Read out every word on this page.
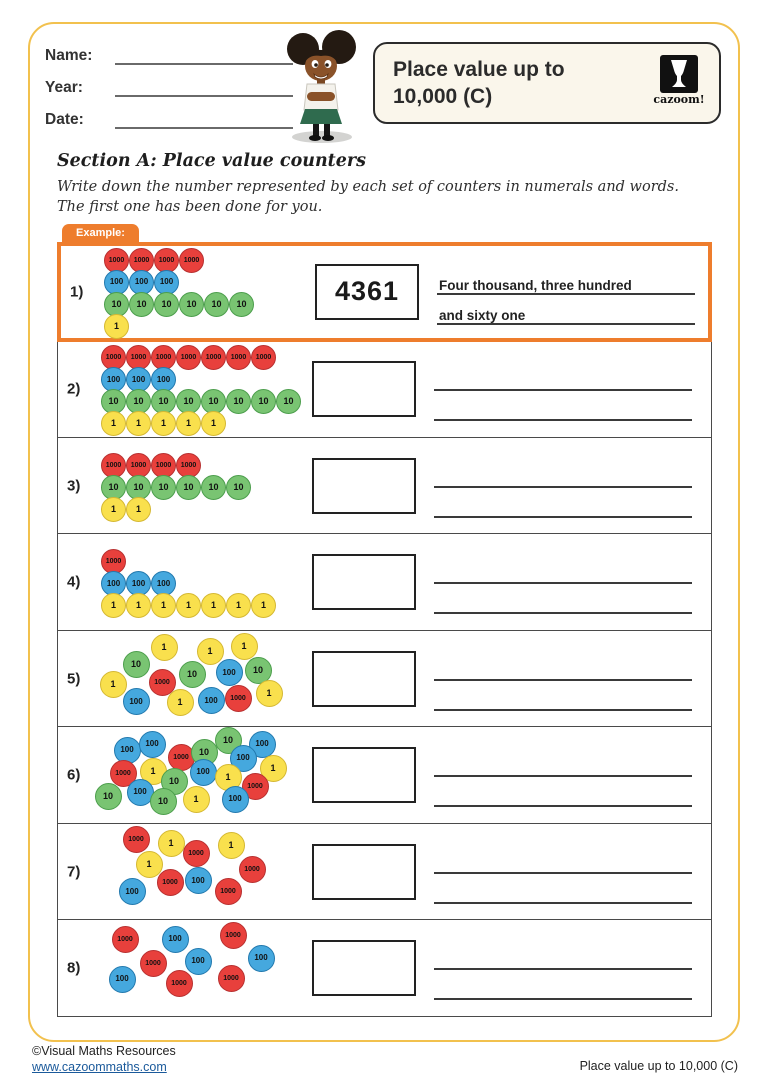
Name:
Year:
Date:
Place value up to
10,000 (C)	cazoom!
Section A: Place value counters
Write down the number represented by each set of counters in numerals and words. The first one has been done for you.
Example:
1)
1000	1000	1000	1000
100	100	100
10	10	10	10	10	10
1
4361	Four thousand, three hundred
and sixty one
2)
1000	1000	1000	1000	1000	1000	1000
100	100	100
10	10	10	10	10	10	10	10
1	1	1	1	1
3)
1000	1000	1000	1000
10	10	10	10	10	10
1	1
4)
1000
100	100	100
1	1	1	1	1	1	1
5)
1
10
1	1
1000
10	100	10
1
100	1	100	1000
1
6)
100
100
1000
10
10	100
100
1000	1
10
100	1
1
1000
10	100
10	1	100
7)
1000	1
1000
1
1
1000
100
1000	100
1000
8)
1000	100	1000
1000	100	100
100	1000
1000
©Visual Maths Resources
www.cazoommaths.com	Place value up to 10,000 (C)
